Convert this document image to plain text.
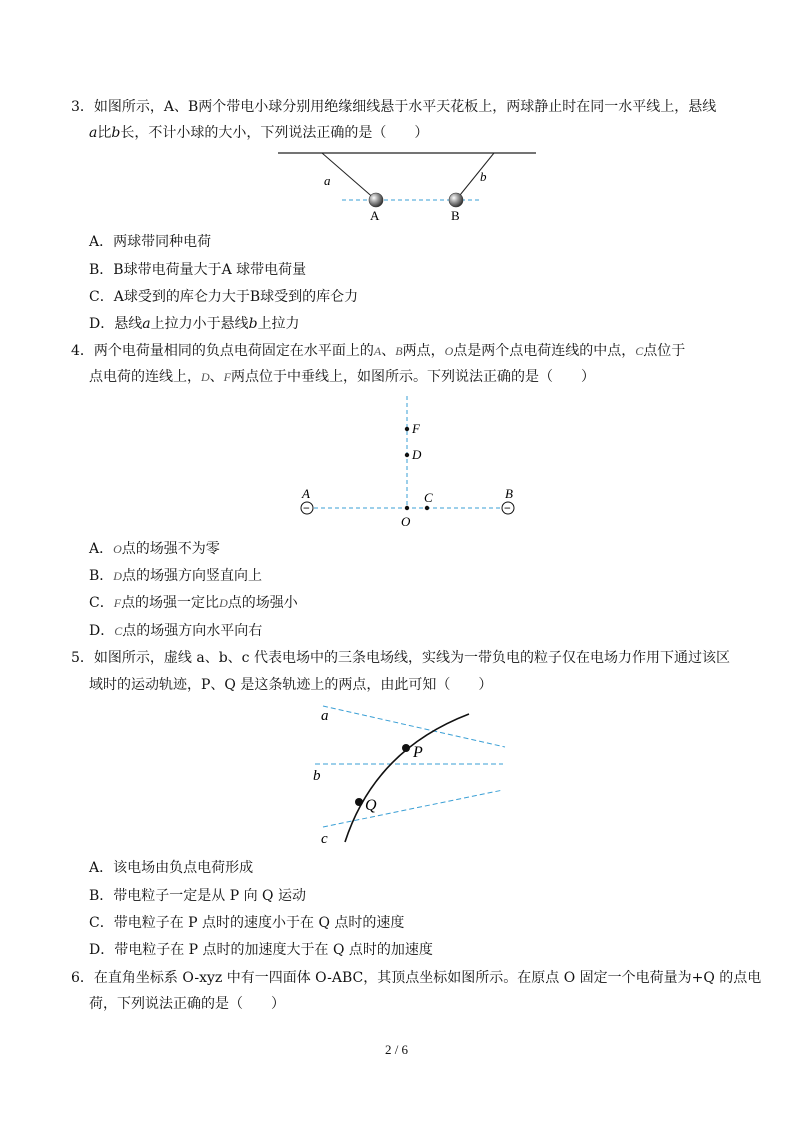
3．如图所示，A、B两个带电小球分别用绝缘细线悬于水平天花板上，两球静止时在同一水平线上，悬线
a比b长，不计小球的大小，下列说法正确的是（　　）
a	b
A	B
A．两球带同种电荷
B．B球带电荷量大于A 球带电荷量
C．A球受到的库仑力大于B球受到的库仑力
D．悬线a上拉力小于悬线b上拉力
4．两个电荷量相同的负点电荷固定在水平面上的A、B两点，O点是两个点电荷连线的中点，C点位于
点电荷的连线上，D、F两点位于中垂线上，如图所示。下列说法正确的是（　　）
−	−
F
D
A	C	B
O
A．O点的场强不为零
B．D点的场强方向竖直向上
C．F点的场强一定比D点的场强小
D．C点的场强方向水平向右
5．如图所示，虚线 a、b、c 代表电场中的三条电场线，实线为一带负电的粒子仅在电场力作用下通过该区
域时的运动轨迹，P、Q 是这条轨迹上的两点，由此可知（　　）
a
b
c
P
Q
A．该电场由负点电荷形成
B．带电粒子一定是从 P 向 Q 运动
C．带电粒子在 P 点时的速度小于在 Q 点时的速度
D．带电粒子在 P 点时的加速度大于在 Q 点时的加速度
6．在直角坐标系 O-xyz 中有一四面体 O-ABC，其顶点坐标如图所示。在原点 O 固定一个电荷量为+Q 的点电
荷，下列说法正确的是（　　）
2 / 6
